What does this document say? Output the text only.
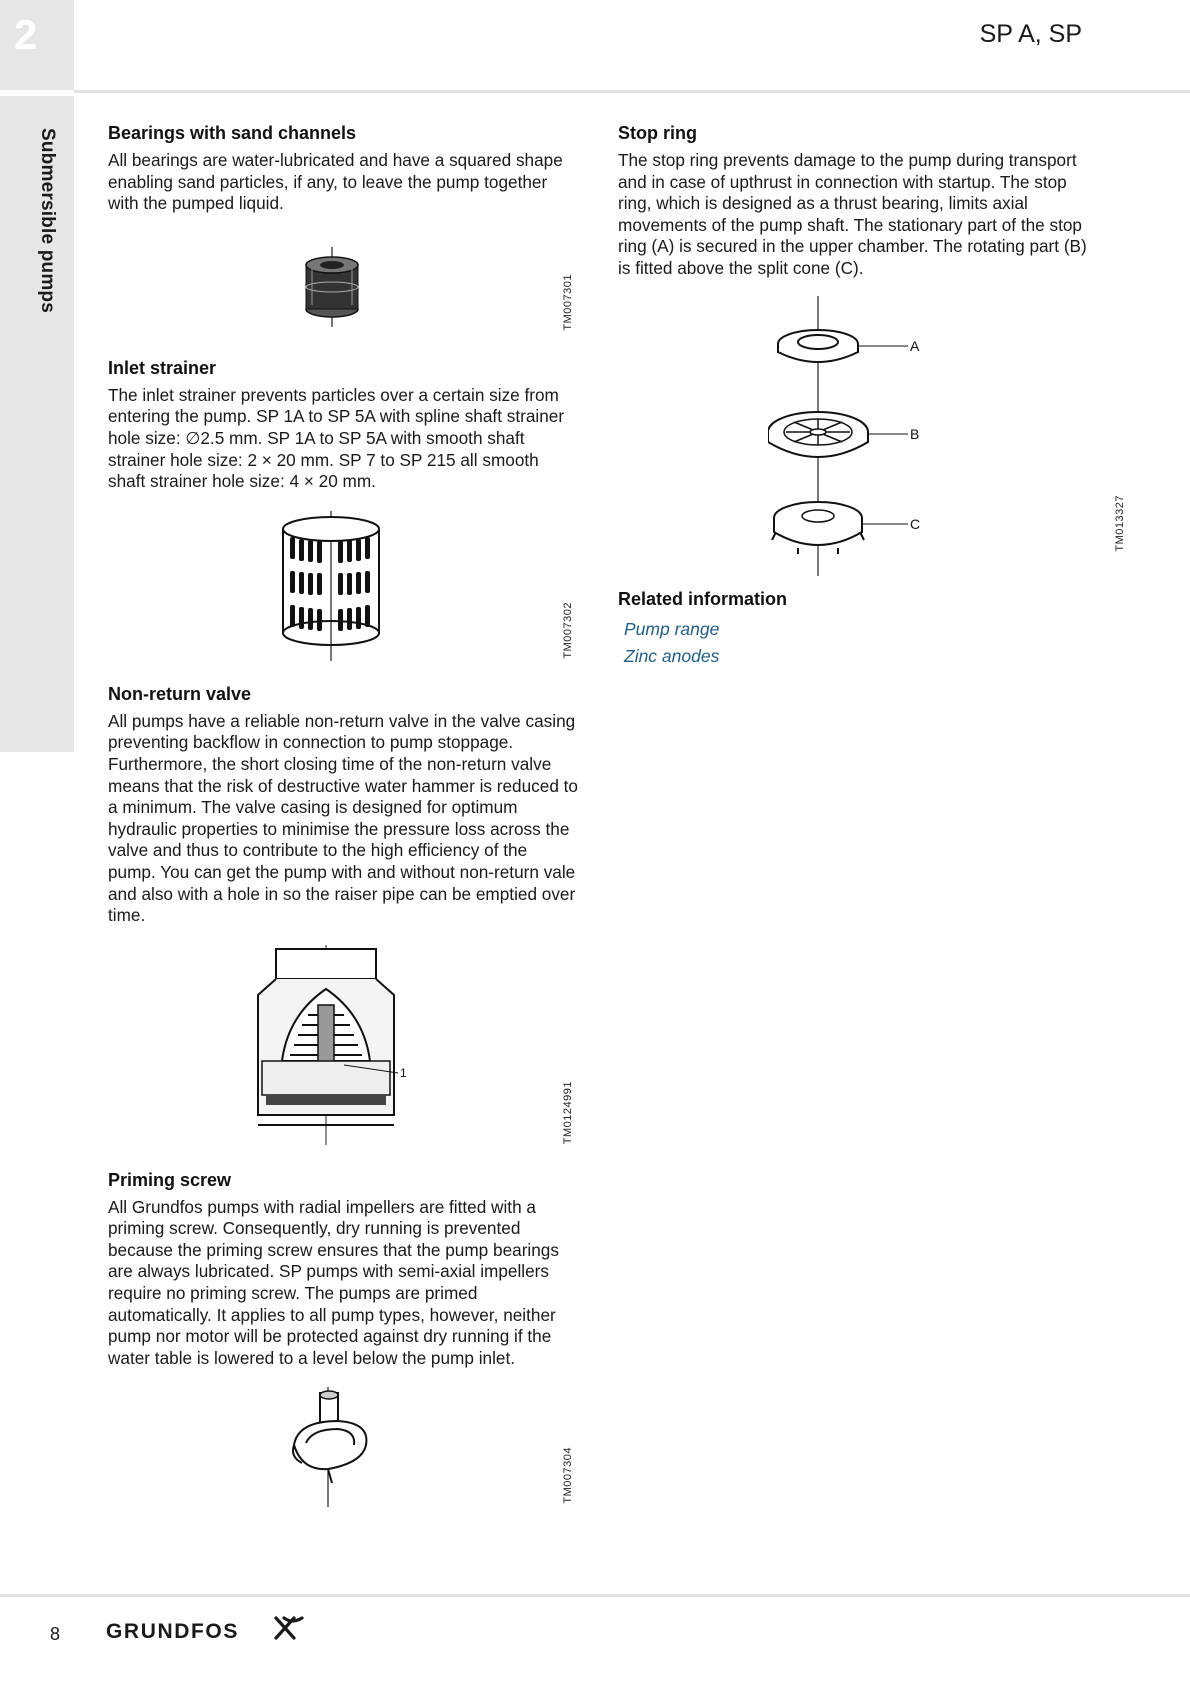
2	SP A, SP
Submersible pumps	Bearings with sand channels

All bearings are water-lubricated and have a squared shape enabling sand particles, if any, to leave the pump together with the pumped liquid.

TM007301
Inlet strainer

The inlet strainer prevents particles over a certain size from entering the pump. SP 1A to SP 5A with spline shaft strainer hole size: ∅2.5 mm. SP 1A to SP 5A with smooth shaft strainer hole size: 2 × 20 mm. SP 7 to SP 215 all smooth shaft strainer hole size: 4 × 20 mm.

TM007302
Non-return valve

All pumps have a reliable non-return valve in the valve casing preventing backflow in connection to pump stoppage. Furthermore, the short closing time of the non-return valve means that the risk of destructive water hammer is reduced to a minimum. The valve casing is designed for optimum hydraulic properties to minimise the pressure loss across the valve and thus to contribute to the high efficiency of the pump. You can get the pump with and without non-return vale and also with a hole in so the raiser pipe can be emptied over time.

1
TM0124991
Priming screw

All Grundfos pumps with radial impellers are fitted with a priming screw. Consequently, dry running is prevented because the priming screw ensures that the pump bearings are always lubricated. SP pumps with semi-axial impellers require no priming screw. The pumps are primed automatically. It applies to all pump types, however, neither pump nor motor will be protected against dry running if the water table is lowered to a level below the pump inlet.

TM007304
Stop ring

The stop ring prevents damage to the pump during transport and in case of upthrust in connection with startup. The stop ring, which is designed as a thrust bearing, limits axial movements of the pump shaft. The stationary part of the stop ring (A) is secured in the upper chamber. The rotating part (B) is fitted above the split cone (C).

A
B
C	TM013327
Related information
Pump range
Zinc anodes
8 GRUNDFOS
